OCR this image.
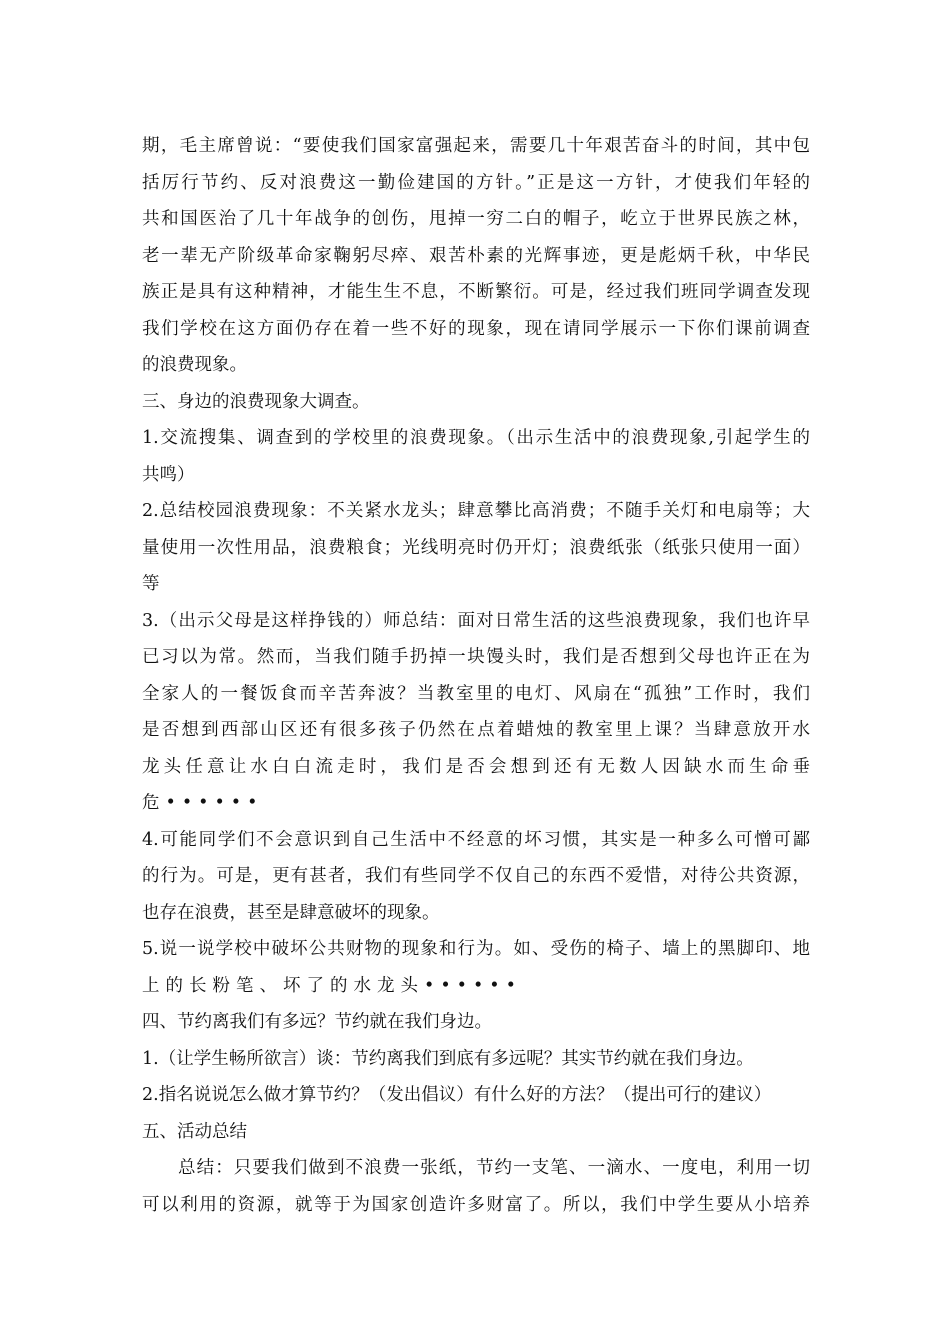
期，毛主席曾说：“要使我们国家富强起来，需要几十年艰苦奋斗的时间，其中包
括厉行节约、反对浪费这一勤俭建国的方针。”正是这一方针，才使我们年轻的
共和国医治了几十年战争的创伤，甩掉一穷二白的帽子，屹立于世界民族之林，
老一辈无产阶级革命家鞠躬尽瘁、艰苦朴素的光辉事迹，更是彪炳千秋，中华民
族正是具有这种精神，才能生生不息，不断繁衍。可是，经过我们班同学调查发现
我们学校在这方面仍存在着一些不好的现象，现在请同学展示一下你们课前调查
的浪费现象。
三、身边的浪费现象大调查。
1.交流搜集、调查到的学校里的浪费现象。（出示生活中的浪费现象,引起学生的
共鸣）
2.总结校园浪费现象：不关紧水龙头；肆意攀比高消费；不随手关灯和电扇等；大
量使用一次性用品，浪费粮食；光线明亮时仍开灯；浪费纸张（纸张只使用一面）
等
3.（出示父母是这样挣钱的）师总结：面对日常生活的这些浪费现象，我们也许早
已习以为常。然而，当我们随手扔掉一块馒头时，我们是否想到父母也许正在为
全家人的一餐饭食而辛苦奔波？当教室里的电灯、风扇在“孤独”工作时，我们
是否想到西部山区还有很多孩子仍然在点着蜡烛的教室里上课？当肆意放开水
龙头任意让水白白流走时，我们是否会想到还有无数人因缺水而生命垂
危••••••
4.可能同学们不会意识到自己生活中不经意的坏习惯，其实是一种多么可憎可鄙
的行为。可是，更有甚者，我们有些同学不仅自己的东西不爱惜，对待公共资源，
也存在浪费，甚至是肆意破坏的现象。
5.说一说学校中破坏公共财物的现象和行为。如、受伤的椅子、墙上的黑脚印、地
上的长粉笔、坏了的水龙头••••••
四、节约离我们有多远？节约就在我们身边。
1.（让学生畅所欲言）谈：节约离我们到底有多远呢？其实节约就在我们身边。
2.指名说说怎么做才算节约？（发出倡议）有什么好的方法？（提出可行的建议）
五、活动总结
总结：只要我们做到不浪费一张纸，节约一支笔、一滴水、一度电，利用一切
可以利用的资源，就等于为国家创造许多财富了。所以，我们中学生要从小培养
